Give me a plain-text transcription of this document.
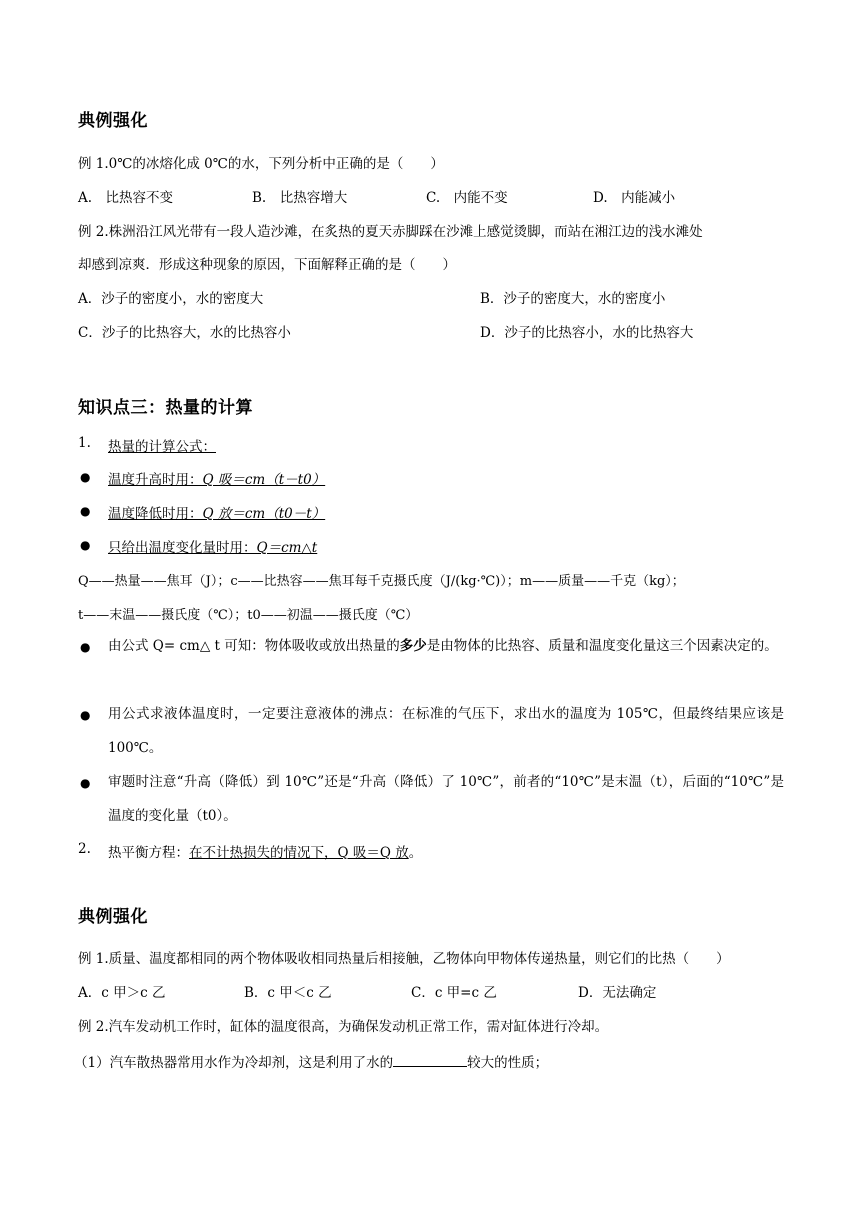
典例强化
例 1.0℃的冰熔化成 0℃的水，下列分析中正确的是（　　）
A.　比热容不变	B.　比热容增大	C.　内能不变	D.　内能减小
例 2.株洲沿江风光带有一段人造沙滩，在炙热的夏天赤脚踩在沙滩上感觉烫脚，而站在湘江边的浅水滩处
却感到凉爽．形成这种现象的原因，下面解释正确的是（　　）
A．沙子的密度小，水的密度大	B．沙子的密度大，水的密度小
C．沙子的比热容大，水的比热容小	D．沙子的比热容小，水的比热容大
知识点三：热量的计算
1. 热量的计算公式：
● 温度升高时用：Q 吸＝cm（t－t0）
● 温度降低时用：Q 放＝cm（t0－t）
● 只给出温度变化量时用：Q＝cm△t
Q——热量——焦耳（J）；c——比热容——焦耳每千克摄氏度（J/(kg·℃)）；m——质量——千克（kg）；
t——末温——摄氏度（℃）；t0——初温——摄氏度（℃）
● 由公式 Q= cm△ t 可知：物体吸收或放出热量的多少是由物体的比热容、质量和温度变化量这三个因素决定的。
● 用公式求液体温度时，一定要注意液体的沸点：在标准的气压下，求出水的温度为 105℃，但最终结果应该是 100℃。
● 审题时注意“升高（降低）到 10℃”还是“升高（降低）了 10℃”，前者的“10℃”是末温（t），后面的“10℃”是温度的变化量（t0）。
2. 热平衡方程：在不计热损失的情况下，Q 吸＝Q 放。
典例强化
例 1.质量、温度都相同的两个物体吸收相同热量后相接触，乙物体向甲物体传递热量，则它们的比热（　　）
A．c 甲＞c 乙	B．c 甲＜c 乙	C．c 甲=c 乙	D．无法确定
例 2.汽车发动机工作时，缸体的温度很高，为确保发动机正常工作，需对缸体进行冷却。
（1）汽车散热器常用水作为冷却剂，这是利用了水的	较大的性质；
